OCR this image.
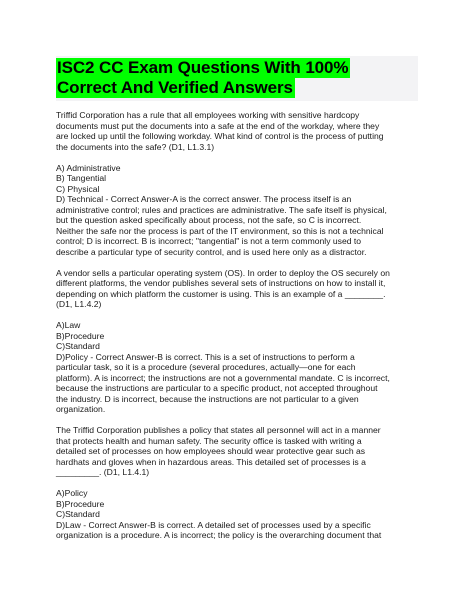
ISC2 CC Exam Questions With 100%
Correct And Verified Answers

Triffid Corporation has a rule that all employees working with sensitive hardcopy
documents must put the documents into a safe at the end of the workday, where they
are locked up until the following workday. What kind of control is the process of putting
the documents into the safe? (D1, L1.3.1)

A) Administrative
B) Tangential
C) Physical
D) Technical - Correct Answer-A is the correct answer. The process itself is an
administrative control; rules and practices are administrative. The safe itself is physical,
but the question asked specifically about process, not the safe, so C is incorrect.
Neither the safe nor the process is part of the IT environment, so this is not a technical
control; D is incorrect. B is incorrect; "tangential" is not a term commonly used to
describe a particular type of security control, and is used here only as a distractor.

A vendor sells a particular operating system (OS). In order to deploy the OS securely on
different platforms, the vendor publishes several sets of instructions on how to install it,
depending on which platform the customer is using. This is an example of a ________.
(D1, L1.4.2)

A)Law
B)Procedure
C)Standard
D)Policy - Correct Answer-B is correct. This is a set of instructions to perform a
particular task, so it is a procedure (several procedures, actually—one for each
platform). A is incorrect; the instructions are not a governmental mandate. C is incorrect,
because the instructions are particular to a specific product, not accepted throughout
the industry. D is incorrect, because the instructions are not particular to a given
organization.

The Triffid Corporation publishes a policy that states all personnel will act in a manner
that protects health and human safety. The security office is tasked with writing a
detailed set of processes on how employees should wear protective gear such as
hardhats and gloves when in hazardous areas. This detailed set of processes is a
_________. (D1, L1.4.1)

A)Policy
B)Procedure
C)Standard
D)Law - Correct Answer-B is correct. A detailed set of processes used by a specific
organization is a procedure. A is incorrect; the policy is the overarching document that
